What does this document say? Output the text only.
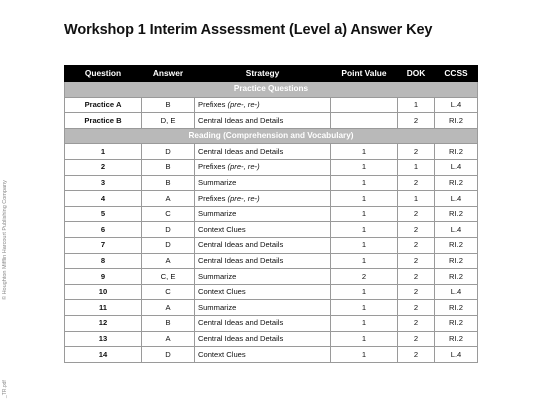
Workshop 1 Interim Assessment (Level a) Answer Key
© Houghton Mifflin Harcourt Publishing Company
_TR.pdf
Question	Answer	Strategy	Point Value	DOK	CCSS
Practice Questions					
Practice A	B	Prefixes (pre-, re-)		1	L.4
Practice B	D, E	Central Ideas and Details		2	RI.2
Reading (Comprehension and Vocabulary)					
1	D	Central Ideas and Details	1	2	RI.2
2	B	Prefixes (pre-, re-)	1	1	L.4
3	B	Summarize	1	2	RI.2
4	A	Prefixes (pre-, re-)	1	1	L.4
5	C	Summarize	1	2	RI.2
6	D	Context Clues	1	2	L.4
7	D	Central Ideas and Details	1	2	RI.2
8	A	Central Ideas and Details	1	2	RI.2
9	C, E	Summarize	2	2	RI.2
10	C	Context Clues	1	2	L.4
11	A	Summarize	1	2	RI.2
12	B	Central Ideas and Details	1	2	RI.2
13	A	Central Ideas and Details	1	2	RI.2
14	D	Context Clues	1	2	L.4
